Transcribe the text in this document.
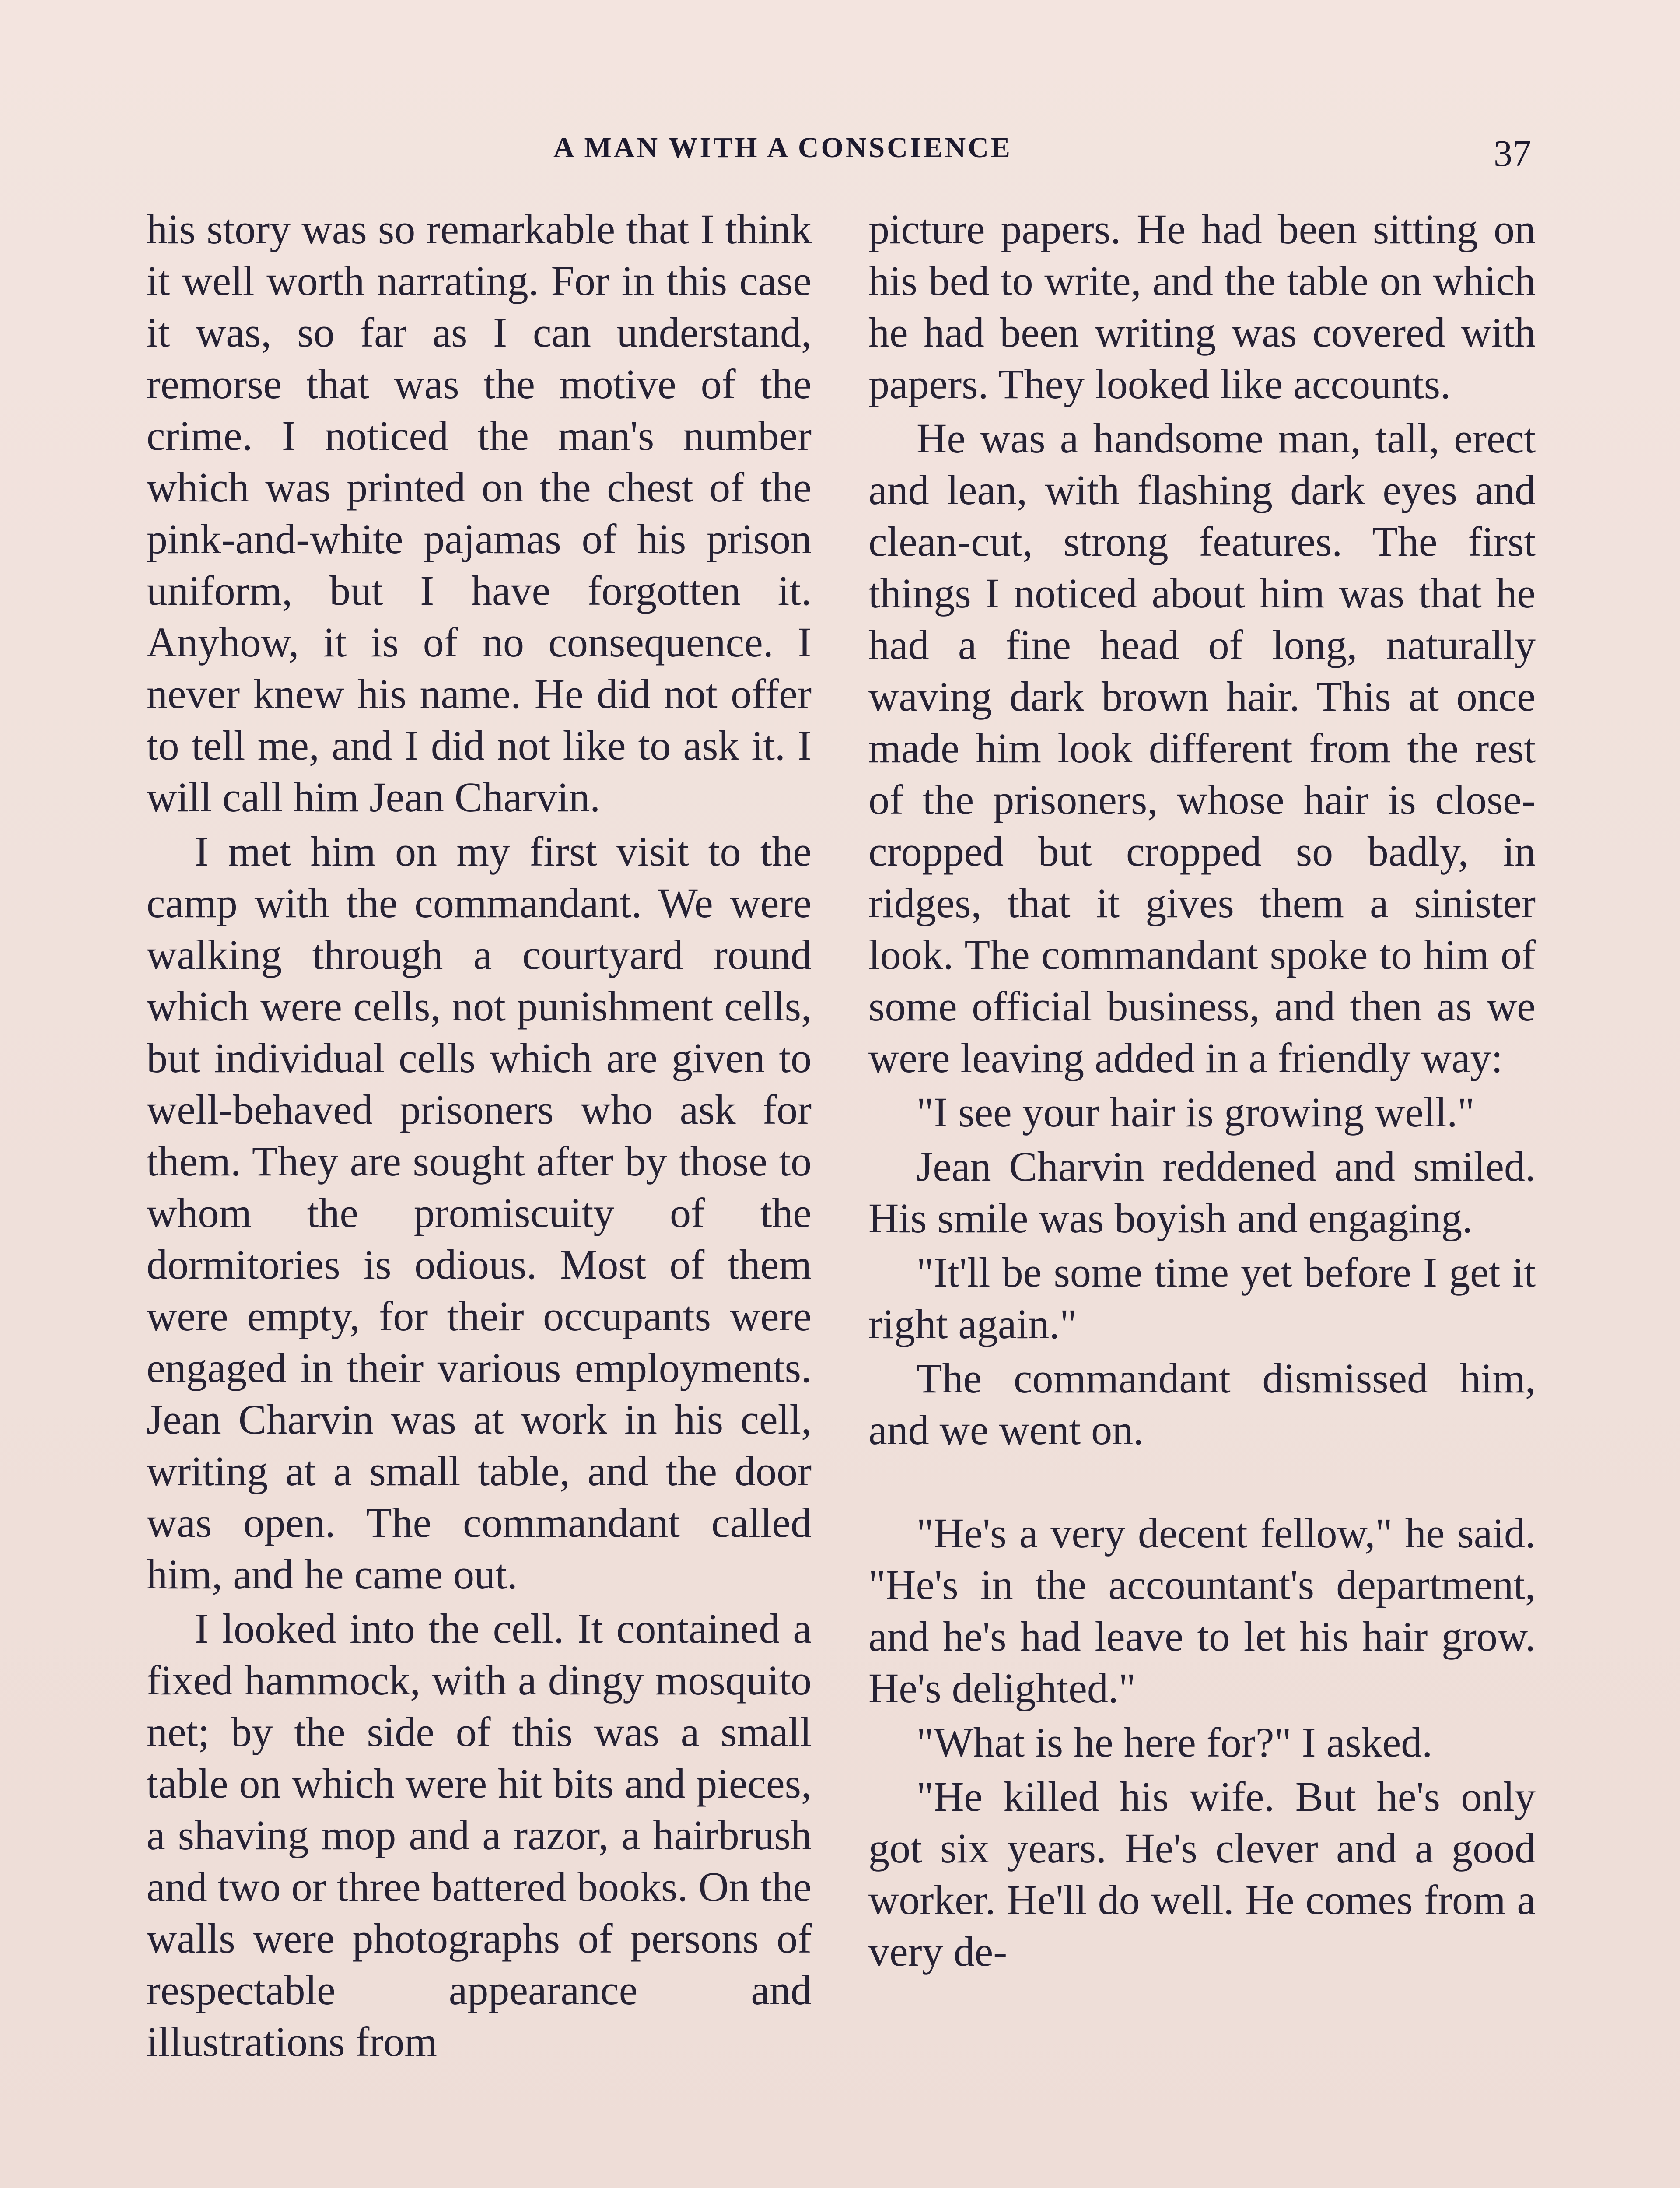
A MAN WITH A CONSCIENCE	37

his story was so remarkable that I think it well worth narrating. For in this case it was, so far as I can understand, remorse that was the motive of the crime. I noticed the man's number which was printed on the chest of the pink-and-white pajamas of his prison uniform, but I have forgotten it. Anyhow, it is of no consequence. I never knew his name. He did not offer to tell me, and I did not like to ask it. I will call him Jean Charvin.

I met him on my first visit to the camp with the commandant. We were walking through a courtyard round which were cells, not punishment cells, but individual cells which are given to well-behaved prisoners who ask for them. They are sought after by those to whom the promiscuity of the dormitories is odious. Most of them were empty, for their occupants were engaged in their various employments. Jean Charvin was at work in his cell, writing at a small table, and the door was open. The commandant called him, and he came out.

I looked into the cell. It contained a fixed hammock, with a dingy mosquito net; by the side of this was a small table on which were hit bits and pieces, a shaving mop and a razor, a hairbrush and two or three battered books. On the walls were photographs of persons of respectable appearance and illustrations from

picture papers. He had been sitting on his bed to write, and the table on which he had been writing was covered with papers. They looked like accounts.

He was a handsome man, tall, erect and lean, with flashing dark eyes and clean-cut, strong features. The first things I noticed about him was that he had a fine head of long, naturally waving dark brown hair. This at once made him look different from the rest of the prisoners, whose hair is close-cropped but cropped so badly, in ridges, that it gives them a sinister look. The commandant spoke to him of some official business, and then as we were leaving added in a friendly way:

"I see your hair is growing well."

Jean Charvin reddened and smiled. His smile was boyish and engaging.

"It'll be some time yet before I get it right again."

The commandant dismissed him, and we went on.

"He's a very decent fellow," he said. "He's in the accountant's department, and he's had leave to let his hair grow. He's delighted."

"What is he here for?" I asked.

"He killed his wife. But he's only got six years. He's clever and a good worker. He'll do well. He comes from a very de-
